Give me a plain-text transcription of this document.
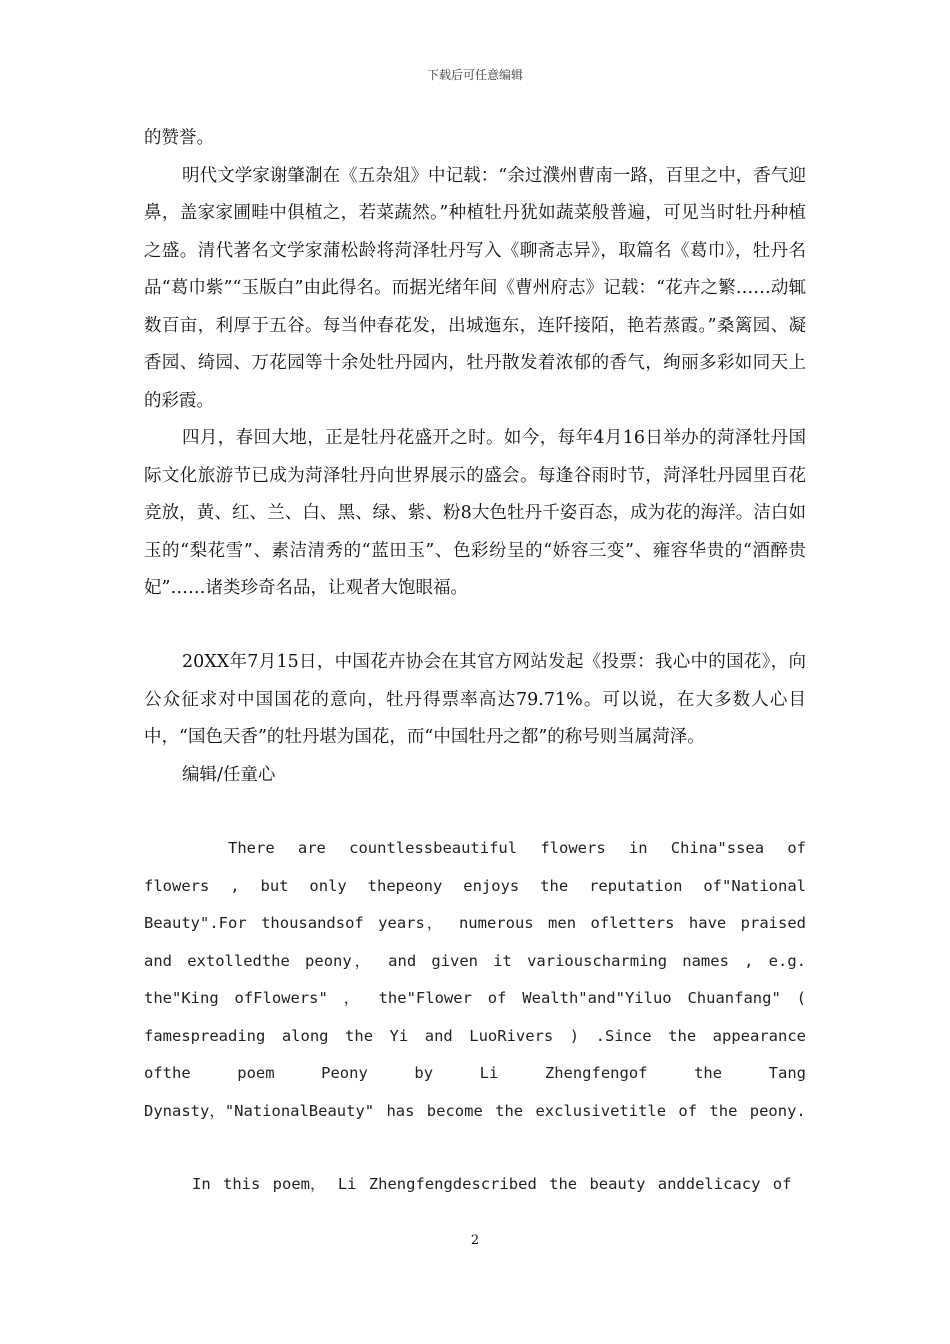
下载后可任意编辑

的赞誉。

明代文学家谢肇淛在《五杂俎》中记载：“余过濮州曹南一路，百里之中，香气迎鼻，盖家家圃畦中俱植之，若菜蔬然。”种植牡丹犹如蔬菜般普遍，可见当时牡丹种植之盛。清代著名文学家蒲松龄将菏泽牡丹写入《聊斋志异》，取篇名《葛巾》，牡丹名品“葛巾紫”“玉版白”由此得名。而据光绪年间《曹州府志》记载：“花卉之繁……动辄数百亩，利厚于五谷。每当仲春花发，出城迤东，连阡接陌，艳若蒸霞。”桑篱园、凝香园、绮园、万花园等十余处牡丹园内，牡丹散发着浓郁的香气，绚丽多彩如同天上的彩霞。

四月，春回大地，正是牡丹花盛开之时。如今，每年4月16日举办的菏泽牡丹国际文化旅游节已成为菏泽牡丹向世界展示的盛会。每逢谷雨时节，菏泽牡丹园里百花竞放，黄、红、兰、白、黑、绿、紫、粉8大色牡丹千姿百态，成为花的海洋。洁白如玉的“梨花雪”、素洁清秀的“蓝田玉”、色彩纷呈的“娇容三变”、雍容华贵的“酒醉贵妃”……诸类珍奇名品，让观者大饱眼福。

20XX年7月15日，中国花卉协会在其官方网站发起《投票：我心中的国花》，向公众征求对中国国花的意向，牡丹得票率高达79.71%。可以说，在大多数人心目中，“国色天香”的牡丹堪为国花，而“中国牡丹之都”的称号则当属菏泽。

编辑/任童心

There are countlessbeautiful flowers in China"ssea of flowers , but only thepeony enjoys the reputation of"National Beauty".For thousandsof years， numerous men ofletters have praised and extolledthe peony， and given it variouscharming names , e.g. the"King ofFlowers" ， the"Flower of Wealth"and"Yiluo Chuanfang" ( famespreading along the Yi and LuoRivers ) .Since the appearance ofthe poem Peony by Li Zhengfengof the Tang Dynasty，"NationalBeauty" has become the exclusivetitle of the peony.

In this poem， Li Zhengfengdescribed the beauty anddelicacy of

2
